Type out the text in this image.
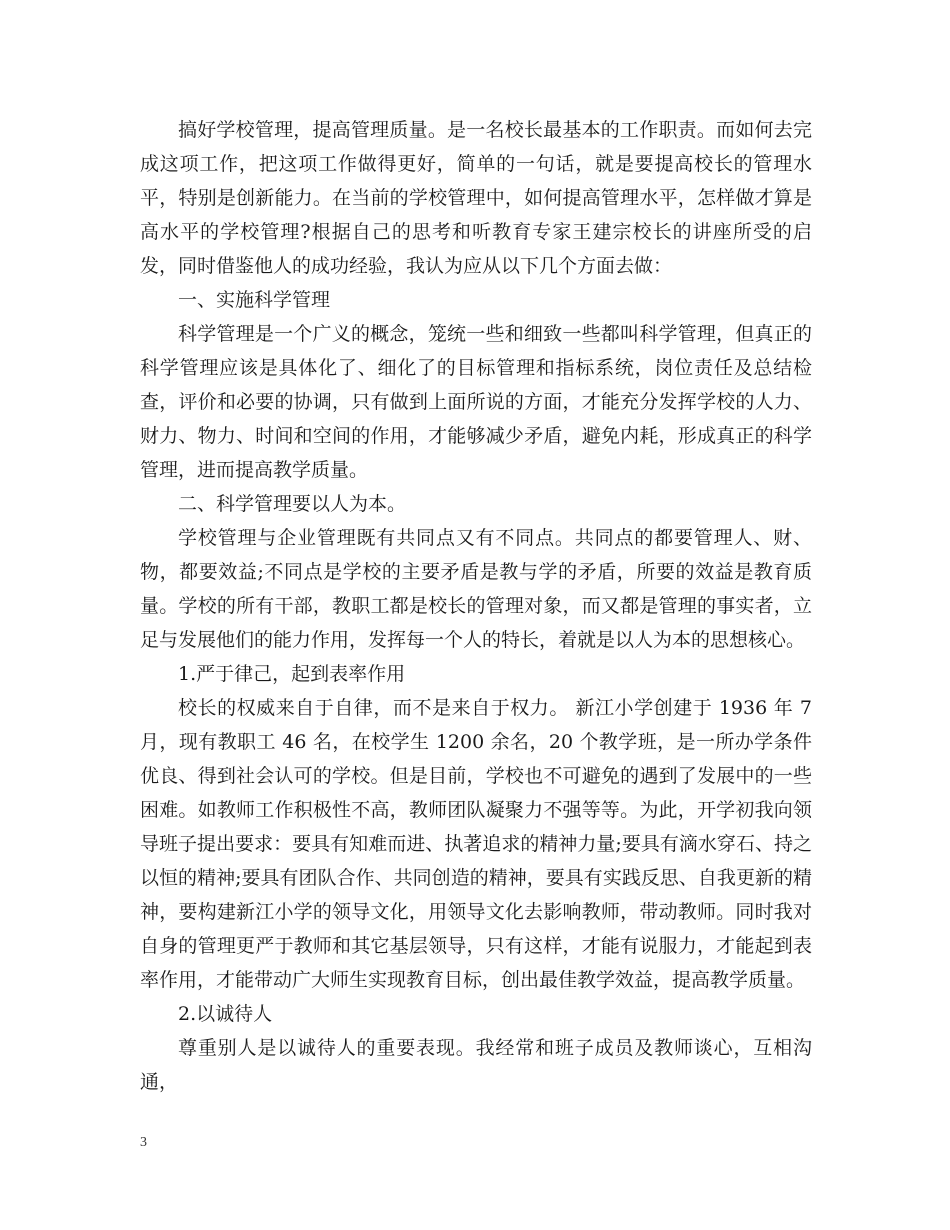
搞好学校管理，提高管理质量。是一名校长最基本的工作职责。而如何去完成这项工作，把这项工作做得更好，简单的一句话，就是要提高校长的管理水平，特别是创新能力。在当前的学校管理中，如何提高管理水平，怎样做才算是高水平的学校管理?根据自己的思考和听教育专家王建宗校长的讲座所受的启发，同时借鉴他人的成功经验，我认为应从以下几个方面去做：

一、实施科学管理

科学管理是一个广义的概念，笼统一些和细致一些都叫科学管理，但真正的科学管理应该是具体化了、细化了的目标管理和指标系统，岗位责任及总结检查，评价和必要的协调，只有做到上面所说的方面，才能充分发挥学校的人力、财力、物力、时间和空间的作用，才能够减少矛盾，避免内耗，形成真正的科学管理，进而提高教学质量。

二、科学管理要以人为本。

学校管理与企业管理既有共同点又有不同点。共同点的都要管理人、财、物，都要效益;不同点是学校的主要矛盾是教与学的矛盾，所要的效益是教育质量。学校的所有干部，教职工都是校长的管理对象，而又都是管理的事实者，立足与发展他们的能力作用，发挥每一个人的特长，着就是以人为本的思想核心。

1.严于律己，起到表率作用

校长的权威来自于自律，而不是来自于权力。 新江小学创建于 1936 年 7 月，现有教职工 46 名，在校学生 1200 余名，20 个教学班，是一所办学条件优良、得到社会认可的学校。但是目前，学校也不可避免的遇到了发展中的一些困难。如教师工作积极性不高，教师团队凝聚力不强等等。为此，开学初我向领导班子提出要求：要具有知难而进、执著追求的精神力量;要具有滴水穿石、持之以恒的精神;要具有团队合作、共同创造的精神，要具有实践反思、自我更新的精神，要构建新江小学的领导文化，用领导文化去影响教师，带动教师。同时我对自身的管理更严于教师和其它基层领导，只有这样，才能有说服力，才能起到表率作用，才能带动广大师生实现教育目标，创出最佳教学效益，提高教学质量。

2.以诚待人

尊重别人是以诚待人的重要表现。我经常和班子成员及教师谈心，互相沟通，

3
